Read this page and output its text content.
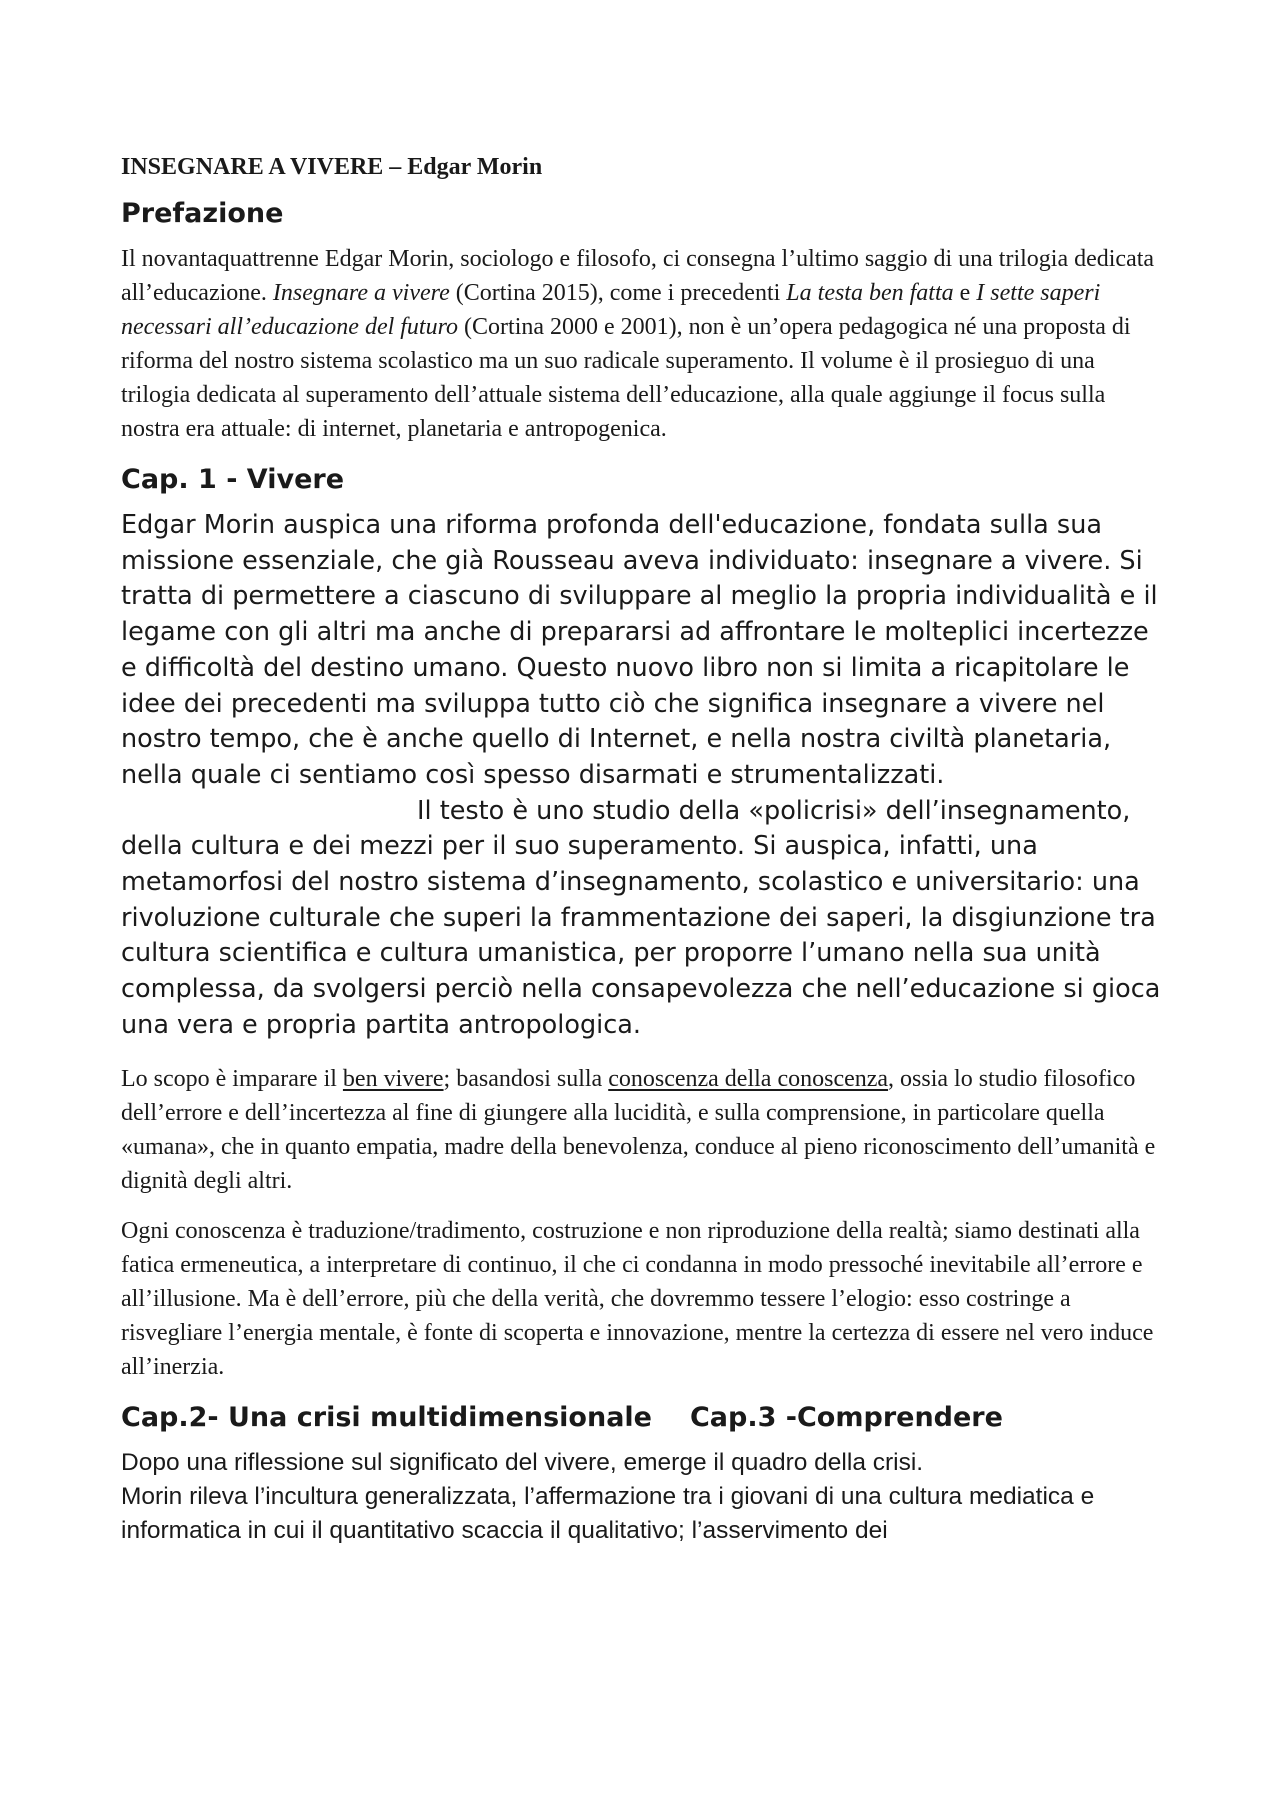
INSEGNARE A VIVERE – Edgar Morin
Prefazione

Il novantaquattrenne Edgar Morin, sociologo e filosofo, ci consegna l’ultimo saggio di una trilogia dedicata all’educazione. Insegnare a vivere (Cortina 2015), come i precedenti La testa ben fatta e I sette saperi necessari all’educazione del futuro (Cortina 2000 e 2001), non è un’opera pedagogica né una proposta di riforma del nostro sistema scolastico ma un suo radicale superamento. Il volume è il prosieguo di una trilogia dedicata al superamento dell’attuale sistema dell’educazione, alla quale aggiunge il focus sulla nostra era attuale: di internet, planetaria e antropogenica.

Cap. 1 - Vivere

Edgar Morin auspica una riforma profonda dell'educazione, fondata sulla sua missione essenziale, che già Rousseau aveva individuato: insegnare a vivere. Si tratta di permettere a ciascuno di sviluppare al meglio la propria individualità e il legame con gli altri ma anche di prepararsi ad affrontare le molteplici incertezze e difficoltà del destino umano. Questo nuovo libro non si limita a ricapitolare le idee dei precedenti ma sviluppa tutto ciò che significa insegnare a vivere nel nostro tempo, che è anche quello di Internet, e nella nostra civiltà planetaria, nella quale ci sentiamo così spesso disarmati e strumentalizzati.Il testo è uno studio della «policrisi» dell’insegnamento, della cultura e dei mezzi per il suo superamento. Si auspica, infatti, una metamorfosi del nostro sistema d’insegnamento, scolastico e universitario: una rivoluzione culturale che superi la frammentazione dei saperi, la disgiunzione tra cultura scientifica e cultura umanistica, per proporre l’umano nella sua unità complessa, da svolgersi perciò nella consapevolezza che nell’educazione si gioca una vera e propria partita antropologica.

Lo scopo è imparare il ben vivere; basandosi sulla conoscenza della conoscenza, ossia lo studio filosofico dell’errore e dell’incertezza al fine di giungere alla lucidità, e sulla comprensione, in particolare quella «umana», che in quanto empatia, madre della benevolenza, conduce al pieno riconoscimento dell’umanità e dignità degli altri.

Ogni conoscenza è traduzione/tradimento, costruzione e non riproduzione della realtà; siamo destinati alla fatica ermeneutica, a interpretare di continuo, il che ci condanna in modo pressoché inevitabile all’errore e all’illusione. Ma è dell’errore, più che della verità, che dovremmo tessere l’elogio: esso costringe a risvegliare l’energia mentale, è fonte di scoperta e innovazione, mentre la certezza di essere nel vero induce all’inerzia.

Cap.2- Una crisi multidimensionale Cap.3 -Comprendere

Dopo una riflessione sul significato del vivere, emerge il quadro della crisi.

Morin rileva l’incultura generalizzata, l’affermazione tra i giovani di una cultura mediatica e informatica in cui il quantitativo scaccia il qualitativo; l’asservimento dei
